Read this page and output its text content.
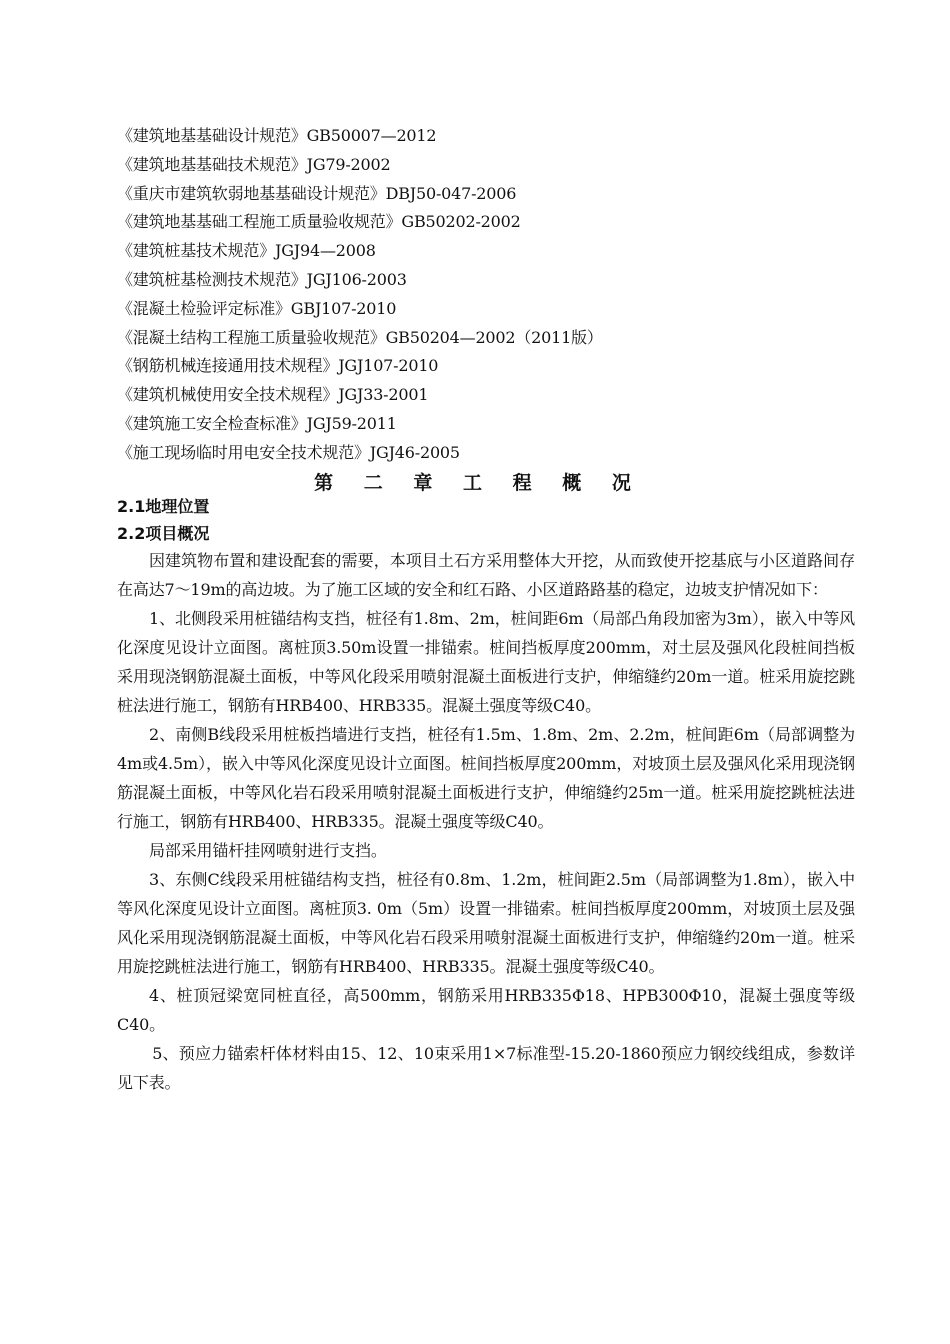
《建筑地基基础设计规范》GB50007—2012
《建筑地基基础技术规范》JG79-2002
《重庆市建筑软弱地基基础设计规范》DBJ50-047-2006
《建筑地基基础工程施工质量验收规范》GB50202-2002
《建筑桩基技术规范》JGJ94—2008
《建筑桩基检测技术规范》JGJ106-2003
《混凝土检验评定标准》GBJ107-2010
《混凝土结构工程施工质量验收规范》GB50204—2002（2011版）
《钢筋机械连接通用技术规程》JGJ107-2010
《建筑机械使用安全技术规程》JGJ33-2001
《建筑施工安全检查标准》JGJ59-2011
《施工现场临时用电安全技术规范》JGJ46-2005
第 二 章 工 程 概 况
2.1地理位置
2.2项目概况

因建筑物布置和建设配套的需要，本项目土石方采用整体大开挖，从而致使开挖基底与小区道路间存在高达7～19m的高边坡。为了施工区域的安全和红石路、小区道路路基的稳定，边坡支护情况如下：

1、北侧段采用桩锚结构支挡，桩径有1.8m、2m，桩间距6m（局部凸角段加密为3m），嵌入中等风化深度见设计立面图。离桩顶3.50m设置一排锚索。桩间挡板厚度200mm，对土层及强风化段桩间挡板采用现浇钢筋混凝土面板，中等风化段采用喷射混凝土面板进行支护，伸缩缝约20m一道。桩采用旋挖跳桩法进行施工，钢筋有HRB400、HRB335。混凝土强度等级C40。

2、南侧B线段采用桩板挡墙进行支挡，桩径有1.5m、1.8m、2m、2.2m，桩间距6m（局部调整为4m或4.5m），嵌入中等风化深度见设计立面图。桩间挡板厚度200mm，对坡顶土层及强风化采用现浇钢筋混凝土面板，中等风化岩石段采用喷射混凝土面板进行支护，伸缩缝约25m一道。桩采用旋挖跳桩法进行施工，钢筋有HRB400、HRB335。混凝土强度等级C40。

局部采用锚杆挂网喷射进行支挡。

3、东侧C线段采用桩锚结构支挡，桩径有0.8m、1.2m，桩间距2.5m（局部调整为1.8m），嵌入中等风化深度见设计立面图。离桩顶3. 0m（5m）设置一排锚索。桩间挡板厚度200mm，对坡顶土层及强风化采用现浇钢筋混凝土面板，中等风化岩石段采用喷射混凝土面板进行支护，伸缩缝约20m一道。桩采用旋挖跳桩法进行施工，钢筋有HRB400、HRB335。混凝土强度等级C40。

4、桩顶冠梁宽同桩直径，高500mm，钢筋采用HRB335Φ18、HPB300Φ10，混凝土强度等级C40。

5、预应力锚索杆体材料由15、12、10束采用1×7标准型-15.20-1860预应力钢绞线组成，参数详见下表。
